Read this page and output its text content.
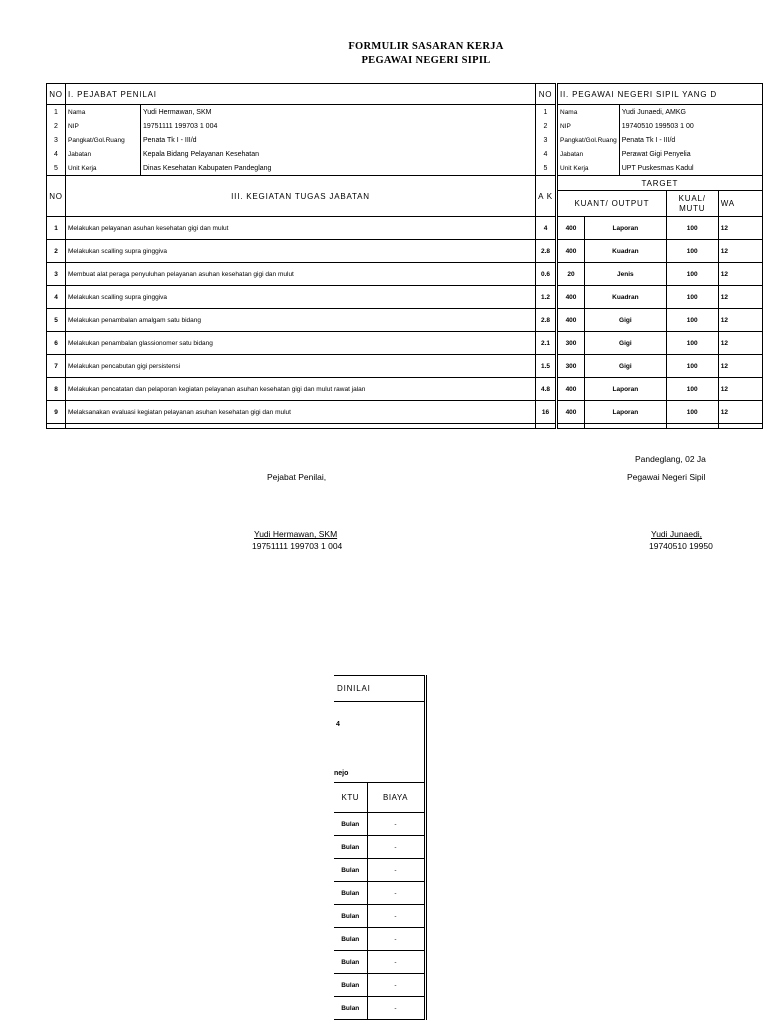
FORMULIR SASARAN KERJA
PEGAWAI NEGERI SIPIL
NO	I. PEJABAT PENILAI		NO	II. PEGAWAI NEGERI SIPIL YANG D				
1	Nama	Yudi Hermawan, SKM	1	Nama		Yudi Junaedi, AMKG		
2	NIP	19751111 199703 1 004	2	NIP		19740510 199503 1 00		
3	Pangkat/Gol.Ruang	Penata Tk I - III/d	3	Pangkat/Gol.Ruang		Penata Tk I - III/d		
4	Jabatan	Kepala Bidang Pelayanan Kesehatan	4	Jabatan		Perawat Gigi Penyelia		
5	Unit Kerja	Dinas Kesehatan Kabupaten Pandeglang	5	Unit Kerja		UPT Puskesmas Kadul		
NO	III. KEGIATAN TUGAS JABATAN		A K	TARGET				
				KUANT/ OUTPUT			KUAL/ MUTU	WA
1	Melakukan pelayanan asuhan kesehatan gigi dan mulut		4	400	Laporan		100	12
2	Melakukan scalling supra ginggiva		2.8	400	Kuadran		100	12
3	Membuat alat peraga penyuluhan pelayanan asuhan kesehatan gigi dan mulut		0.6	20	Jenis		100	12
4	Melakukan scalling supra ginggiva		1.2	400	Kuadran		100	12
5	Melakukan penambalan amalgam satu bidang		2.8	400	Gigi		100	12
6	Melakukan penambalan glassionomer satu bidang		2.1	300	Gigi		100	12
7	Melakukan pencabutan gigi persistensi		1.5	300	Gigi		100	12
8	Melakukan pencatatan dan pelaporan kegiatan pelayanan asuhan kesehatan gigi dan mulut rawat jalan		4.8	400	Laporan		100	12
9	Melaksanakan evaluasi kegiatan pelayanan asuhan kesehatan gigi dan mulut		16	400	Laporan		100	12

Pandeglang, 02 Ja
Pejabat Penilai,	Pegawai Negeri Sipil
Yudi Hermawan, SKM
19751111 199703 1 004
Yudi Junaedi,
19740510 19950
DINILAI	

4
nejo	

KTU	BIAYA
Bulan	-
Bulan	-
Bulan	-
Bulan	-
Bulan	-
Bulan	-
Bulan	-
Bulan	-
Bulan	-
